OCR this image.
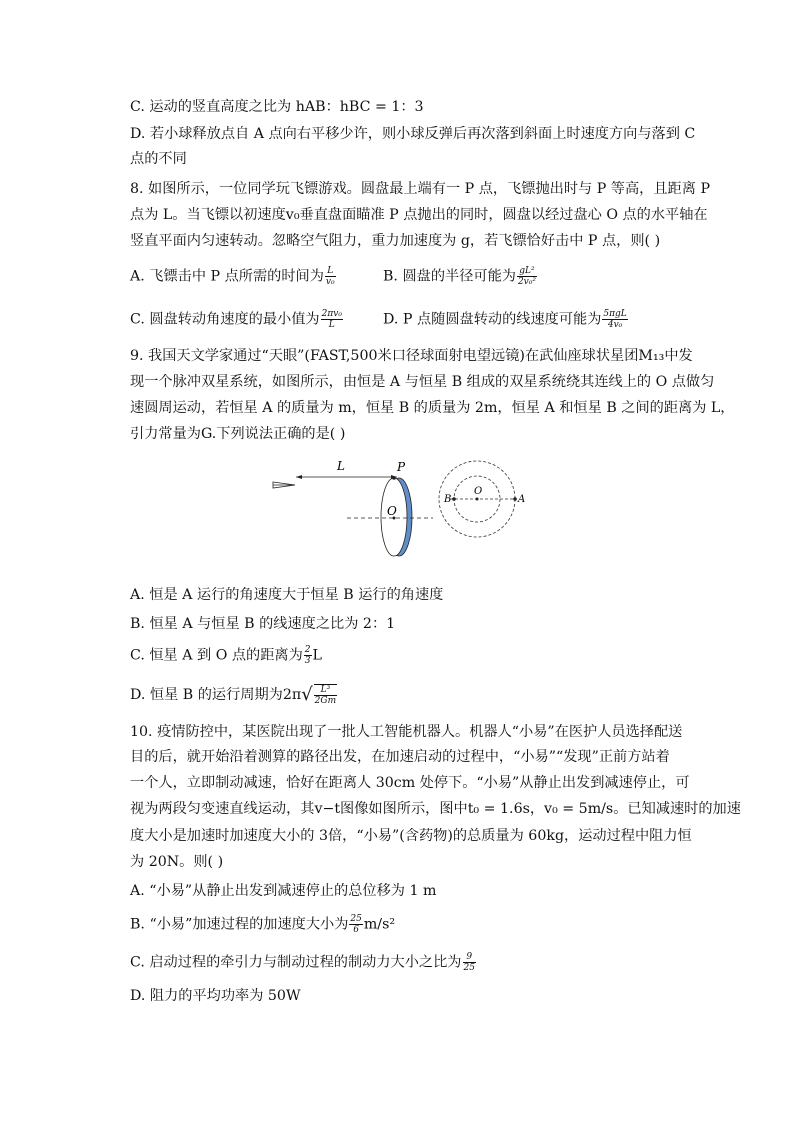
C. 运动的竖直高度之比为 hAB：hBC = 1：3
D. 若小球释放点自 A 点向右平移少许，则小球反弹后再次落到斜面上时速度方向与落到 C
点的不同
8. 如图所示，一位同学玩飞镖游戏。圆盘最上端有一 P 点，飞镖抛出时与 P 等高，且距离 P
点为 L。当飞镖以初速度v₀垂直盘面瞄准 P 点抛出的同时，圆盘以经过盘心 O 点的水平轴在
竖直平面内匀速转动。忽略空气阻力，重力加速度为 g，若飞镖恰好击中 P 点，则( )
A. 飞镖击中 P 点所需的时间为 $\frac{L}{\text{v₀}}$	B. 圆盘的半径可能为 $\frac{\text{gL²}}{\text{2v₀²}}$
C. 圆盘转动角速度的最小值为 $\frac{\text{2πv₀}}{L}$	D. P 点随圆盘转动的线速度可能为 $\frac{\text{5πgL}}{\text{4v₀}}$
9. 我国天文学家通过“天眼”(FAST,500米口径球面射电望远镜)在武仙座球状星团M₁₃中发
现一个脉冲双星系统，如图所示，由恒是 A 与恒星 B 组成的双星系统绕其连线上的 O 点做匀
速圆周运动，若恒星 A 的质量为 m，恒星 B 的质量为 2m，恒星 A 和恒星 B 之间的距离为 L，
引力常量为G.下列说法正确的是( )
L	P
O
B
O
A
A. 恒是 A 运行的角速度大于恒星 B 运行的角速度
B. 恒星 A 与恒星 B 的线速度之比为 2：1
C. 恒星 A 到 O 点的距离为 $\frac{2}{3}$ L
D. 恒星 B 的运行周期为$2\pi√ \frac{\text{L³}}{2Gm}$
10. 疫情防控中，某医院出现了一批人工智能机器人。机器人“小易”在医护人员选择配送
目的后，就开始沿着测算的路径出发，在加速启动的过程中，“小易”“发现”正前方站着
一个人，立即制动减速，恰好在距离人 30cm 处停下。“小易”从静止出发到减速停止，可
视为两段匀变速直线运动，其v−t图像如图所示，图中t₀ = 1.6s，v₀ = 5m/s。已知减速时的加速
度大小是加速时加速度大小的 3倍，“小易”(含药物)的总质量为 60kg，运动过程中阻力恒
为 20N。则( )
A. “小易”从静止出发到减速停止的总位移为 1 m
B. “小易”加速过程的加速度大小为 $\frac{25}{6} m/s^2$
C. 启动过程的牵引力与制动过程的制动力大小之比为 $\frac{9}{25}$
D. 阻力的平均功率为 50W
